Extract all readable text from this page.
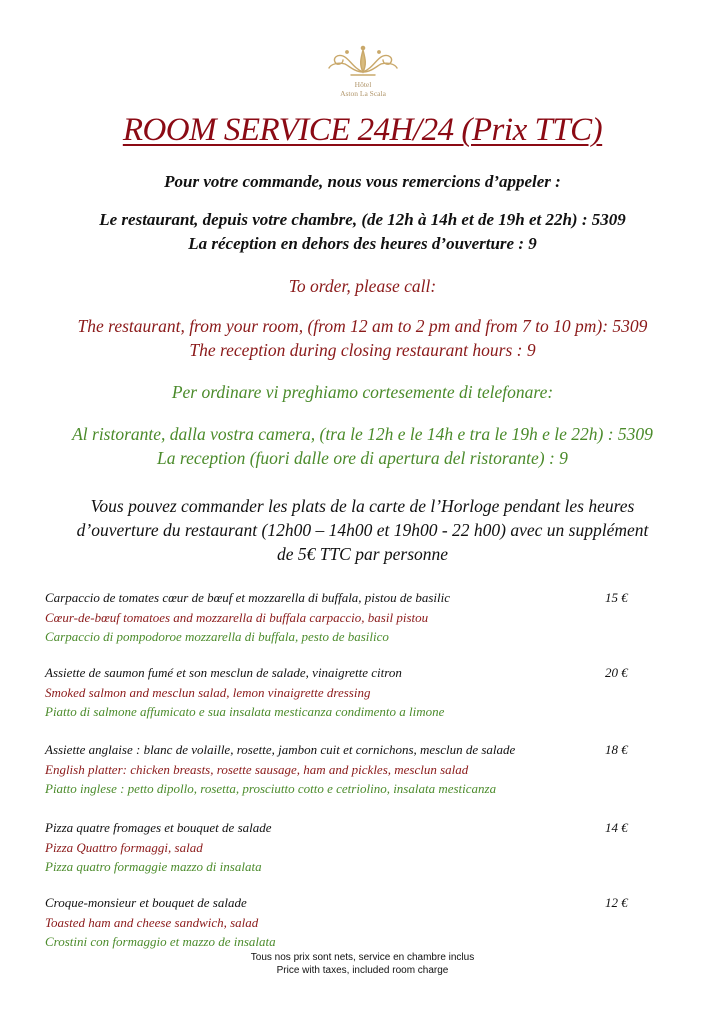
Hôtel
Aston La Scala
ROOM SERVICE 24H/24 (Prix TTC)
Pour votre commande, nous vous remercions d’appeler :
Le restaurant, depuis votre chambre, (de 12h à 14h et de 19h et 22h) : 5309
La réception en dehors des heures d’ouverture : 9
To order, please call:
The restaurant, from your room, (from 12 am to 2 pm and from 7 to 10 pm): 5309
The reception during closing restaurant hours : 9
Per ordinare vi preghiamo cortesemente di telefonare:
Al ristorante, dalla vostra camera, (tra le 12h e le 14h e tra le 19h e le 22h) : 5309
La reception (fuori dalle ore di apertura del ristorante) : 9
Vous pouvez commander les plats de la carte de l’Horloge pendant les heures
d’ouverture du restaurant (12h00 – 14h00 et 19h00 - 22 h00) avec un supplément
de 5€ TTC par personne
Carpaccio de tomates cœur de bœuf et mozzarella di buffala, pistou de basilic
Cœur-de-bœuf tomatoes and mozzarella di buffala carpaccio, basil pistou
Carpaccio di pompodoroe mozzarella di buffala, pesto de basilico
15 €
Assiette de saumon fumé et son mesclun de salade, vinaigrette citron
Smoked salmon and mesclun salad, lemon vinaigrette dressing
Piatto di salmone affumicato e sua insalata mesticanza condimento a limone
20 €
Assiette anglaise : blanc de volaille, rosette, jambon cuit et cornichons, mesclun de salade
English platter: chicken breasts, rosette sausage, ham and pickles, mesclun salad
Piatto inglese : petto dipollo, rosetta, prosciutto cotto e cetriolino, insalata mesticanza
18 €
Pizza quatre fromages et bouquet de salade
Pizza Quattro formaggi, salad
Pizza quatro formaggie mazzo di insalata
14 €
Croque-monsieur et bouquet de salade
Toasted ham and cheese sandwich, salad
Crostini con formaggio et mazzo de insalata
12 €
Tous nos prix sont nets, service en chambre inclus
Price with taxes, included room charge
